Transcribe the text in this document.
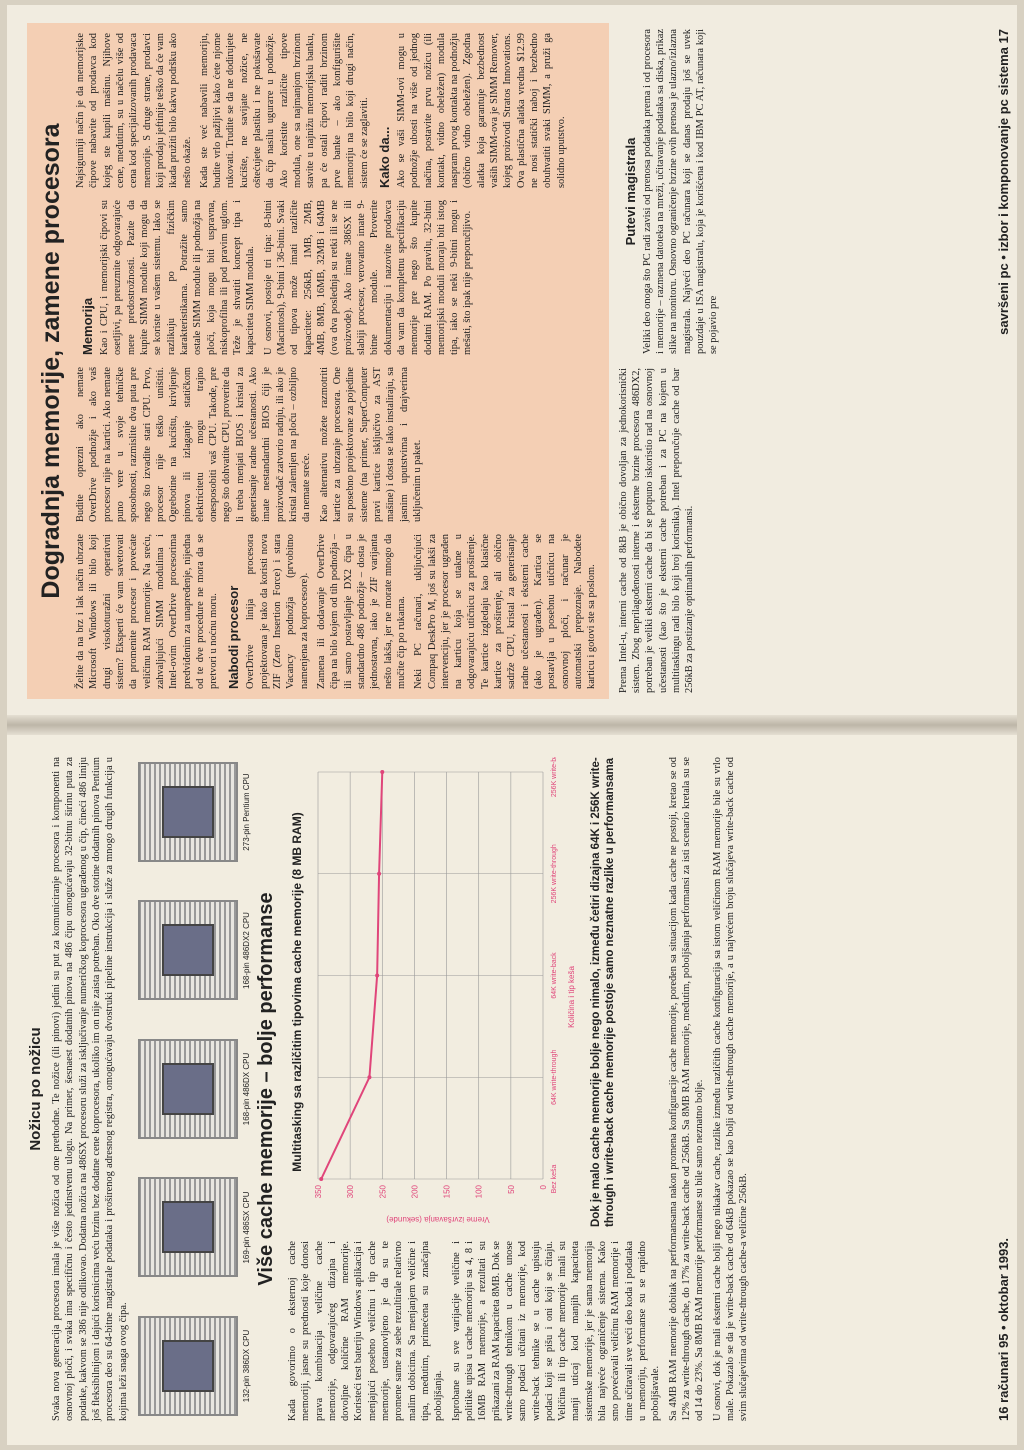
Nožicu po nožicu Svaka nova generacija procesora imala je više nožica od one prethodne. Te nožice (ili pinovi) jedini su put za komuniciranje procesora i komponenti na osnovnoj ploči, i svaka ima specifičnu i često jedinstvenu ulogu. Na primer, šesnaest dodatnih pinova na 486 čipu omogućavaju 32-bitnu širinu puta za podatke, kakvom se 386 nije odlikovao. Dodatna nožica na 486SX procesoru služi za isključivanje numeričkog koprocesora ugrađenog u čip, čineći 486 liniju još fleksibilnijom i dajući korisnicima veću brzinu bez dodatne cene koprocesora, ukoliko im on nije zaista potreban. Oko dve stotine dodatnih pinova Pentium procesora deo su 64-bitne magistrale podataka i proširenog adresnog registra, omogućavaju dvostruki pipeline instrukcija i služe za mnogo drugih funkcija u kojima leži snaga ovog čipa.	132-pin 386DX CPU
169-pin 486SX CPU
168-pin 486DX CPU
168-pin 486DX2 CPU
273-pin Pentium CPU
Više cache memorije – bolje performanse

Kada govorimo o eksternoj cache memoriji, jasne su prednosti koje donosi prava kombinacija veličine cache memorije, odgovarajućeg dizajna i dovoljne količine RAM memorije. Koristeći test bateriju Windows aplikacija i menjajući posebno veličinu i tip cache memorije, ustanovljeno je da su te promene same za sebe rezultirale relativno malim dobicima. Sa menjanjem veličine i tipa, međutim, primećena su značajna poboljšanja. Isprobane su sve varijacije veličine i politike upisa u cache memoriju sa 4, 8 i 16MB RAM memorije, a rezultati su prikazani za RAM kapaciteta 8MB. Dok se write-through tehnikom u cache unose samo podaci učitani iz memorije, kod write-back tehnike se u cache upisuju podaci koji se pišu i oni koji se čitaju. Veličina ili tip cache memorije imali su manji uticaj kod manjih kapaciteta sistemske memorije, jer je sama memorija bila najveće ograničenje sistema. Kako smo povećavali veličinu RAM memorije i time učitavali sve veći deo koda i podataka u memoriju, performanse su se rapidno poboljšavale.

Multitasking sa različitim tipovima cache memorije (8 MB RAM)
350	300	250	200	150	100	50	0 Bez keša
64K write-through
64K write-back
256K write-through
256K write-back
Vreme izvršavanja (sekunde)
Količina i tip keša Dok je malo cache memorije bolje nego nimalo, između četiri dizajna 64K i 256K write-through i write-back cache memorije postoje samo neznatne razlike u performansama	Sa 4MB RAM memorije dobitak na performansama nakon promena konfiguracije cache memorije, poređen sa situacijom kada cache ne postoji, kretao se od 12% za write-through cache, do 17% za write-back cache od 256kB. Sa 8MB RAM memorije, međutim, poboljšanja performansi za isti scenario kretala su se od 14 do 23%. Sa 8MB RAM memorije performanse su bile samo neznatno bolje. U osnovi, dok je mali eksterni cache bolji nego nikakav cache, razlike između različitih cache konfiguracija sa istom veličinom RAM memorije bile su vrlo male. Pokazalo se da je write-back cache od 64kB pokazao se kao bolji od write-through cache memorije, a u najvećem broju slučajeva write-back cache od svim slučajevima od write-through cache-a veličine 256kB.	16 računari 95 • oktobar 1993.
Dogradnja memorije, zamene procesora

Želite da na brz i lak način ubrzate Microsoft Windows ili bilo koji drugi visokoturažni operativni sistem? Eksperti će vam savetovati da promenite procesor i povećate veličinu RAM memorije. Na sreću, zahvaljujući SIMM modulima i Intel-ovim OverDrive procesorima predviđenim za unapređenje, nijedna od te dve procedure ne mora da se pretvori u noćnu moru. Nabodi procesor OverDrive linija procesora projektovana je tako da koristi nova ZIF (Zero Insertion Force) i stara Vacancy podnožja (prvobitno namenjena za koprocesore). Zamena ili dodavanje OverDrive čipa na bilo kojem od tih podnožja – ili samo postavljanje DX2 čipa u standardno 486 podnožje – dosta je jednostavna, iako je ZIF varijanta nešto lakša, jer ne morate mnogo da mučite čip po rukama. Neki PC računari, uključujući Compaq DeskPro M, još su lakši za intervenciju, jer je procesor ugrađen na karticu koja se utakne u odgovarajuću utičnicu za proširenje. Te kartice izgledaju kao klasične kartice za proširenje, ali obično sadrže CPU, kristal za generisanje radne učestanosti i eksterni cache (ako je ugrađen). Kartica se postavlja u posebnu utičnicu na osnovnoj ploči, i računar je automatski prepoznaje. Nabodete karticu i gotovi ste sa poslom.

Budite oprezni ako nemate OverDrive podnožje i ako vaš procesor nije na kartici. Ako nemate puno vere u svoje tehničke sposobnosti, razmislite dva puta pre nego što izvadite stari CPU. Prvo, procesor nije teško uništiti. Ogrebotine na kućištu, krivljenje pinova ili izlaganje statičkom elektricitetu mogu trajno onesposobiti vaš CPU. Takođe, pre nego što dohvatite CPU, proverite da li treba menjati BIOS i kristal za generisanje radne učestanosti. Ako imate nestandardni BIOS čiji je proizvođač zatvorio radnju, ili ako je kristal zalemljen na ploču – ozbiljno da nemate sreće. Kao alternativu možete razmotriti kartice za ubrzanje procesora. One su posebno projektovane za pojedine sisteme (na primer, SuperComputer pravi kartice isključivo za AST mašine) i dosta se lako instaliraju, sa jasnim uputstvima i drajverima uključenim u paket.

Memorija Kao i CPU, i memorijski čipovi su osetljivi, pa preuzmite odgovarajuće mere predostrožnosti. Pazite da kupite SIMM module koji mogu da se koriste u vašem sistemu. Iako se razlikuju po fizičkim karakteristikama. Potražite samo ostale SIMM module ili podnožja na ploči, koja mogu biti uspravna, niskoprofilna ili pod pravim uglom. Teže je shvatiti koncept tipa i kapaciteta SIMM modula. U osnovi, postoje tri tipa: 8-bitni (Macintosh), 9-bitni i 36-bitni. Svaki od tipova može imati različite kapacitete: 256kB, 1MB, 2MB, 4MB, 8MB, 16MB, 32MB i 64MB (ova dva poslednja su retki ili se ne proizvode). Ako imate 386SX ili slabiji procesor, verovatno imate 9-bitne module. Proverite dokumentaciju i nazovite prodavca da vam da kompletnu specifikaciju memorije pre nego što kupite dodatni RAM. Po pravilu, 32-bitni memorijski moduli moraju biti istog tipa, iako se neki 9-bitni mogu i mešati, što ipak nije preporučljivo.

Najsigurniji način je da memorijske čipove nabavite od prodavca kod kojeg ste kupili mašinu. Njihove cene, međutim, su u načelu više od cena kod specijalizovanih prodavaca memorije. S druge strane, prodavci koji prodaju jeftinije teško da će vam ikada pružiti bilo kakvu podršku ako nešto okaže. Kada ste već nabavili memoriju, budite vrlo pažljivi kako ćete njome rukovati. Trudite se da ne dodirujete kućište, ne savijate nožice, ne oštećujete plastiku i ne pokušavate da čip nasilu uguraте u podnožje. Ako koristite različite tipove modula, one sa najmanjom brzinom stavite u najnižu memorijsku banku, pa će ostali čipovi raditi brzinom prve banke – ako konfigurišite memoriju na bilo koji drugi način, sistem će se zaglaviti. Kako da... Ako se vaši SIMM-ovi mogu u podnožje ubosti na više od jednog načina, postavite prvu nožicu (ili kontakt, vidno obeležen) modula naspram prvog kontakta na podnožju (obično vidno obeležen). Zgodna alatka koja garantuje bezbednost vaših SIMM-ova je SIMM Remover, kojeg proizvodi Stratos Innovations. Ova plastična alatka vredna $12.99 ne nosi statički naboj i bezbedno obuhvatiti svaki SIMM, a pruži ga solidno uputstvo.

Prema Intel-u, interni cache od 8kB je obično dovoljan za jednokorisnički sistem. Zbog neprilagođenosti interne i eksterne brzine procesora 486DX2, potreban je veliki eksterni cache da bi se potpuno iskoristio rad na osnovnoj učestanosti (kao što je eksterni cache potreban i za PC na kojem u multitaskingu radi bilo koji broj korisnika). Intel preporučuje cache od bar 256kB za postizanje optimalnih performansi.

Putevi magistrala Veliki deo onoga što PC radi zavisi od prenosa podataka prema i od procesora i memorije – razmena datoteka na mreži, učitavanje podataka sa diska, prikaz slike na monitoru. Osnovno ograničenje brzine ovih prenosa je ulazno/izlazna magistrala. Najveći deo PC računara koji se danas prodaju još se uvek pouzdaje u ISA magistralu, koja je korišćena i kod IBM PC AT, računara koji se pojavio pre	savršeni pc • izbor i komponovanje pc sistema 17
